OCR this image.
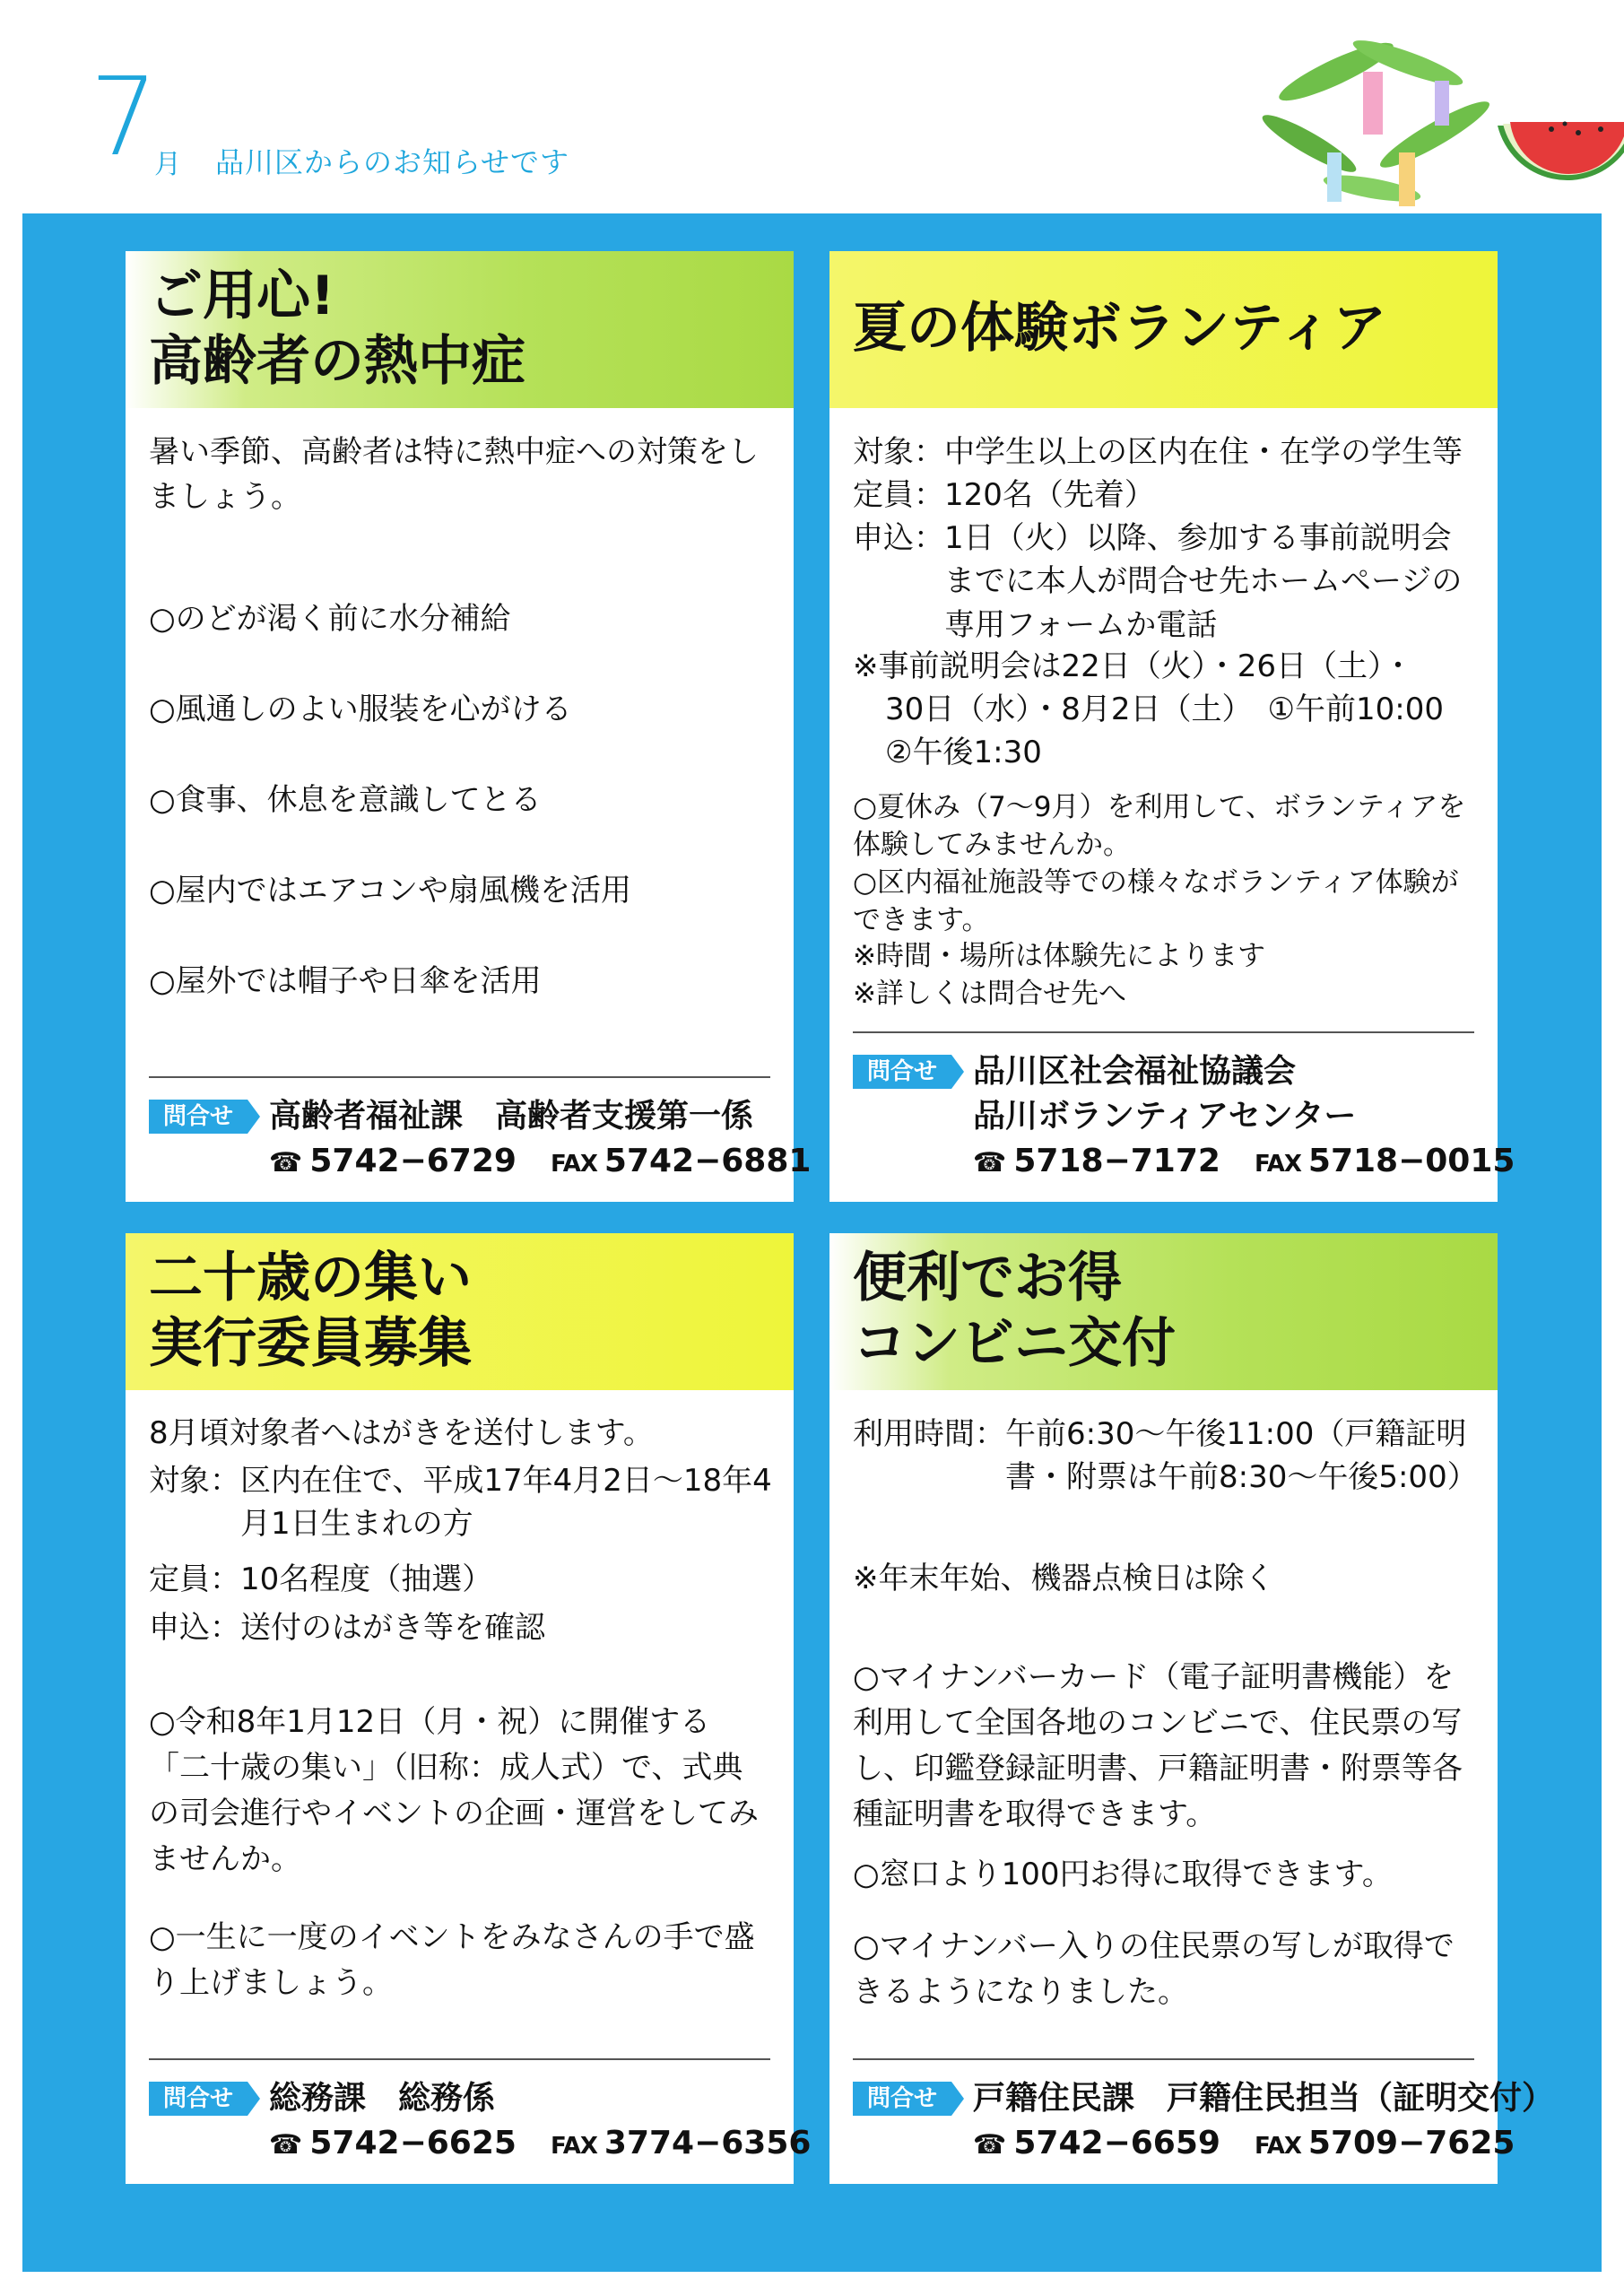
7
月 品川区からのお知らせです
ご用心!
高齢者の熱中症
暑い季節、高齢者は特に熱中症への対策をしましょう。
○のどが渇く前に水分補給
○風通しのよい服装を心がける
○食事、休息を意識してとる
○屋内ではエアコンや扇風機を活用
○屋外では帽子や日傘を活用
問合せ	高齢者福祉課　高齢者支援第一係
☎ 5742−6729 FAX 5742−6881
夏の体験ボランティア
対象： 中学生以上の区内在住・在学の学生等
定員： 120名（先着）
申込： 1日（火）以降、参加する事前説明会までに本人が問合せ先ホームページの専用フォームか電話
※事前説明会は22日（火）・26日（土）・
30日（水）・8月2日（土）　①午前10:00
②午後1:30
○夏休み（7〜9月）を利用して、ボランティアを体験してみませんか。
○区内福祉施設等での様々なボランティア体験ができます。
※時間・場所は体験先によります
※詳しくは問合せ先へ
問合せ	品川区社会福祉協議会
品川ボランティアセンター
☎ 5718−7172 FAX 5718−0015
二十歳の集い
実行委員募集
8月頃対象者へはがきを送付します。
対象： 区内在住で、平成17年4月2日〜18年4月1日生まれの方
定員： 10名程度（抽選）
申込： 送付のはがき等を確認
○令和8年1月12日（月・祝）に開催する「二十歳の集い」（旧称：成人式）で、式典の司会進行やイベントの企画・運営をしてみませんか。
○一生に一度のイベントをみなさんの手で盛り上げましょう。
問合せ	総務課　総務係
☎ 5742−6625 FAX 3774−6356
便利でお得
コンビニ交付
利用時間： 午前6:30〜午後11:00（戸籍証明書・附票は午前8:30〜午後5:00）
※年末年始、機器点検日は除く
○マイナンバーカード（電子証明書機能）を利用して全国各地のコンビニで、住民票の写し、印鑑登録証明書、戸籍証明書・附票等各種証明書を取得できます。
○窓口より100円お得に取得できます。
○マイナンバー入りの住民票の写しが取得できるようになりました。
問合せ	戸籍住民課　戸籍住民担当（証明交付）
☎ 5742−6659 FAX 5709−7625
